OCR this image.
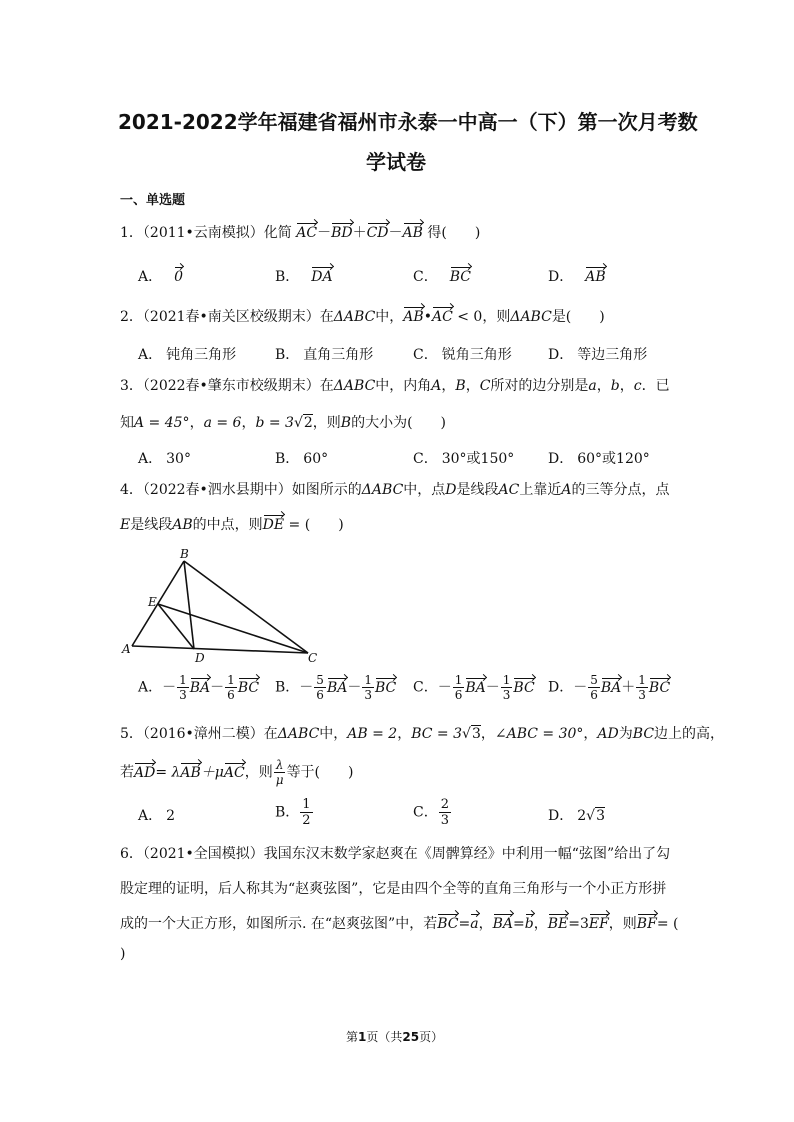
2021-2022学年福建省福州市永泰一中高一（下）第一次月考数
学试卷
一、单选题
1．（2011•云南模拟）化简 AC－BD＋CD－AB 得(　　)
A． 0	B． DA	C． BC	D． AB
2．（2021春•南关区校级期末）在ΔABC中，AB•AC < 0，则ΔABC是(　　)
A． 钝角三角形	B． 直角三角形	C． 锐角三角形	D． 等边三角形
3．（2022春•肇东市校级期末）在ΔABC中，内角A，B，C所对的边分别是a，b，c．已
知A = 45°，a = 6，b = 3√2，则B的大小为(　　)
A． 30°	B． 60°	C． 30°或150° D． 60°或120°
4．（2022春•泗水县期中）如图所示的ΔABC中，点D是线段AC上靠近A的三等分点，点
E是线段AB的中点，则DE = (　　)
B
E
A
D	C
A．－ $\frac{1}{3} BA- \frac{1}{6}$ BC B．－ $\frac{5}{6} BA- \frac{1}{3}$ BC C．－ $\frac{1}{6} BA- \frac{1}{3}$ BC D．－ $\frac{5}{6} BA+ \frac{1}{3}$ BC
5．（2016•漳州二模）在ΔABC中，AB = 2，BC = 3√3，∠ABC = 30°，AD为BC边上的高，
若AD= λAB＋μAC，则 $\frac{\lambda}{\mu}$ 等于(　　)
A． 2	B． $\frac{1}{2}$	C． $\frac{2}{3}$	D． 2√3
6．（2021•全国模拟）我国东汉末数学家赵爽在《周髀算经》中利用一幅“弦图”给出了勾
股定理的证明，后人称其为“赵爽弦图”，它是由四个全等的直角三角形与一个小正方形拼
成的一个大正方形，如图所示. 在“赵爽弦图”中，若BC=a，BA=b，BE=3EF，则BF= (
)
第1页（共25页）
